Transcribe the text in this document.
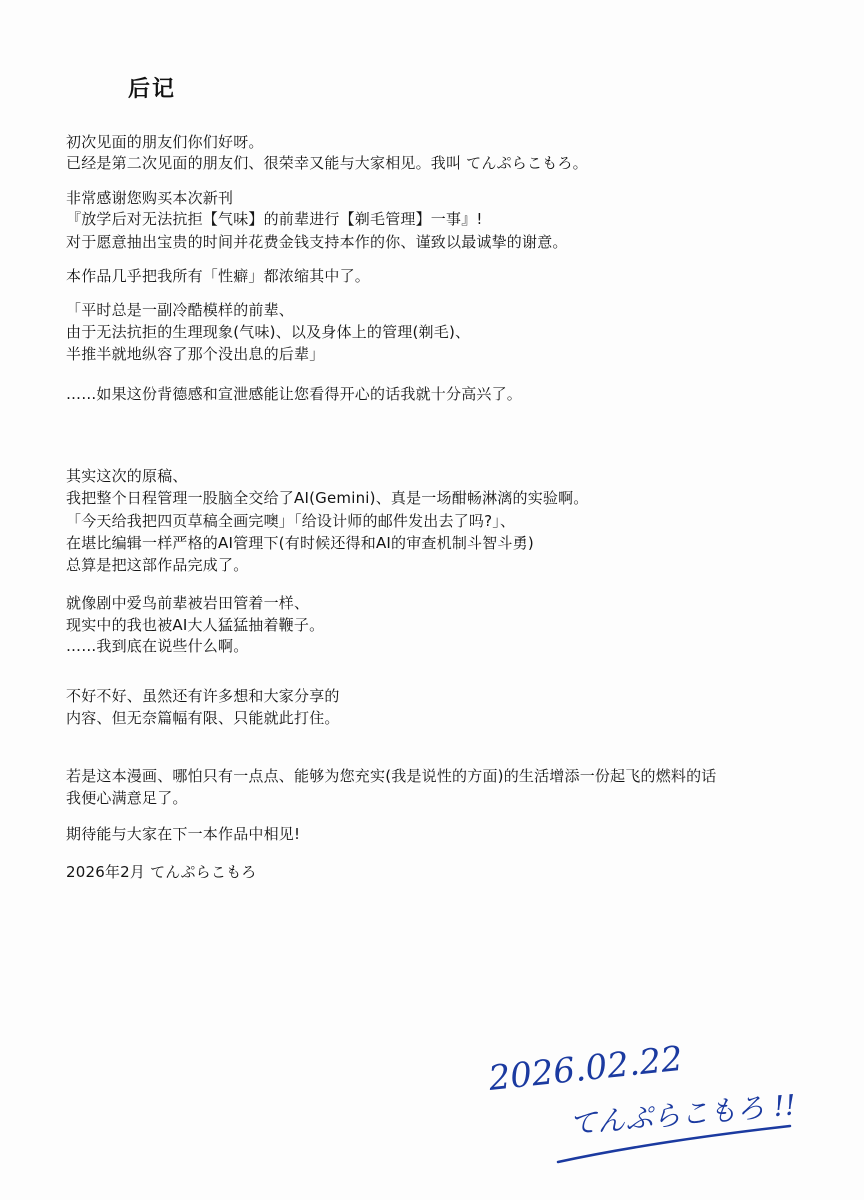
后记
初次见面的朋友们你们好呀。
已经是第二次见面的朋友们、很荣幸又能与大家相见。我叫 てんぷらこもろ。
非常感谢您购买本次新刊
『放学后对无法抗拒【气味】的前辈进行【剃毛管理】一事』!
对于愿意抽出宝贵的时间并花费金钱支持本作的你、谨致以最诚挚的谢意。
本作品几乎把我所有「性癖」都浓缩其中了。
「平时总是一副冷酷模样的前辈、
由于无法抗拒的生理现象(气味)、以及身体上的管理(剃毛)、
半推半就地纵容了那个没出息的后辈」
……如果这份背德感和宣泄感能让您看得开心的话我就十分高兴了。
其实这次的原稿、
我把整个日程管理一股脑全交给了AI(Gemini)、真是一场酣畅淋漓的实验啊。
「今天给我把四页草稿全画完噢」「给设计师的邮件发出去了吗?」、
在堪比编辑一样严格的AI管理下(有时候还得和AI的审查机制斗智斗勇)
总算是把这部作品完成了。
就像剧中爱鸟前辈被岩田管着一样、
现实中的我也被AI大人猛猛抽着鞭子。
……我到底在说些什么啊。
不好不好、虽然还有许多想和大家分享的
内容、但无奈篇幅有限、只能就此打住。
若是这本漫画、哪怕只有一点点、能够为您充实(我是说性的方面)的生活增添一份起飞的燃料的话
我便心满意足了。
期待能与大家在下一本作品中相见!
2026年2月 てんぷらこもろ
2026.02.22
てんぷらこもろ !!
